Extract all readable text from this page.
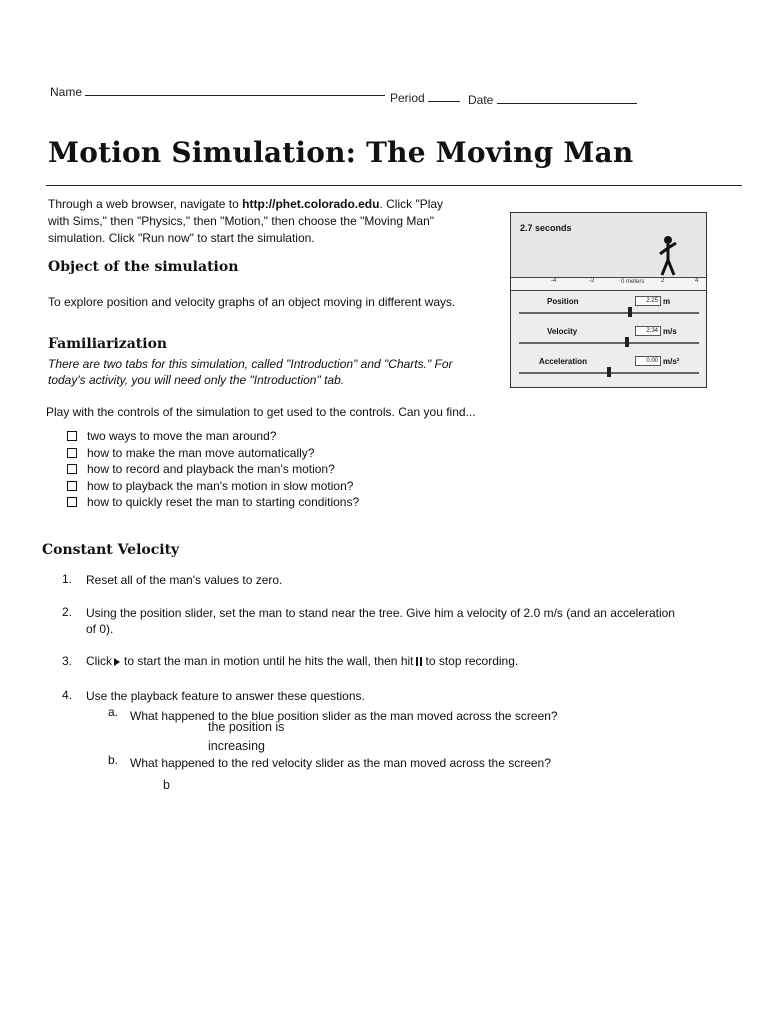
Name	Period	Date
Motion Simulation: The Moving Man

Through a web browser, navigate to http://phet.colorado.edu. Click "Play

with Sims," then "Physics," then "Motion," then choose the "Moving Man"

simulation. Click "Run now" to start the simulation.

Object of the simulation

To explore position and velocity graphs of an object moving in different ways.

Familiarization

There are two tabs for this simulation, called "Introduction" and "Charts." For

today's activity, you will need only the "Introduction" tab.

Play with the controls of the simulation to get used to the controls. Can you find...

two ways to move the man around?
how to make the man move automatically?
how to record and playback the man's motion?
how to playback the man's motion in slow motion?
how to quickly reset the man to starting conditions?
2.7 seconds
-4	-2	0 meters	2	4
Position	2.25 m
Velocity	2.34 m/s
Acceleration	0.00 m/s²
Constant Velocity
1. Reset all of the man's values to zero.

2. Using the position slider, set the man to stand near the tree. Give him a velocity of 2.0 m/s (and an acceleration

of 0).

3. Click to start the man in motion until he hits the wall, then hit to stop recording.

4. Use the playback feature to answer these questions.

a. What happened to the blue position slider as the man moved across the screen?

the position is
increasing
b. What happened to the red velocity slider as the man moved across the screen?

b
